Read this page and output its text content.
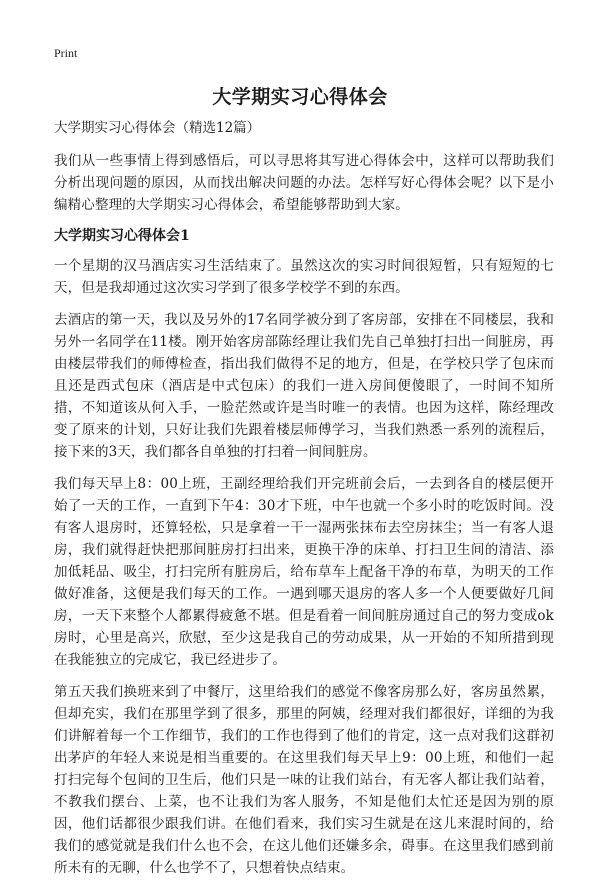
Print
大学期实习心得体会
大学期实习心得体会（精选12篇）

我们从一些事情上得到感悟后，可以寻思将其写进心得体会中，这样可以帮助我们分析出现问题的原因，从而找出解决问题的办法。怎样写好心得体会呢？以下是小编精心整理的大学期实习心得体会，希望能够帮助到大家。

大学期实习心得体会1

一个星期的汉马酒店实习生活结束了。虽然这次的实习时间很短暂，只有短短的七天，但是我却通过这次实习学到了很多学校学不到的东西。

去酒店的第一天，我以及另外的17名同学被分到了客房部，安排在不同楼层，我和另外一名同学在11楼。刚开始客房部陈经理让我们先自己单独打扫出一间脏房，再由楼层带我们的师傅检查，指出我们做得不足的地方，但是，在学校只学了包床而且还是西式包床（酒店是中式包床）的我们一进入房间便傻眼了，一时间不知所措，不知道该从何入手，一脸茫然或许是当时唯一的表情。也因为这样，陈经理改变了原来的计划，只好让我们先跟着楼层师傅学习，当我们熟悉一系列的流程后，接下来的3天，我们都各自单独的打扫着一间间脏房。

我们每天早上8：00上班，王副经理给我们开完班前会后，一去到各自的楼层便开始了一天的工作，一直到下午4：30才下班，中午也就一个多小时的吃饭时间。没有客人退房时，还算轻松，只是拿着一干一湿两张抹布去空房抹尘；当一有客人退房，我们就得赶快把那间脏房打扫出来，更换干净的床单、打扫卫生间的清洁、添加低耗品、吸尘，打扫完所有脏房后，给布草车上配备干净的布草，为明天的工作做好准备，这便是我们每天的工作。一遇到哪天退房的客人多一个人便要做好几间房，一天下来整个人都累得疲惫不堪。但是看着一间间脏房通过自己的努力变成ok房时，心里是高兴，欣慰，至少这是我自己的劳动成果，从一开始的不知所措到现在我能独立的完成它，我已经进步了。

第五天我们换班来到了中餐厅，这里给我们的感觉不像客房那么好，客房虽然累，但却充实，我们在那里学到了很多，那里的阿姨，经理对我们都很好，详细的为我们讲解着每一个工作细节，我们的工作也得到了他们的肯定，这一点对我们这群初出茅庐的年轻人来说是相当重要的。在这里我们每天早上9：00上班，和他们一起打扫完每个包间的卫生后，他们只是一味的让我们站台，有无客人都让我们站着，不教我们摆台、上菜，也不让我们为客人服务，不知是他们太忙还是因为别的原因，他们话都很少跟我们讲。在他们看来，我们实习生就是在这儿来混时间的，给我们的感觉就是我们什么也不会，在这儿他们还嫌多余，碍事。在这里我们感到前所未有的无聊，什么也学不了，只想着快点结束。
